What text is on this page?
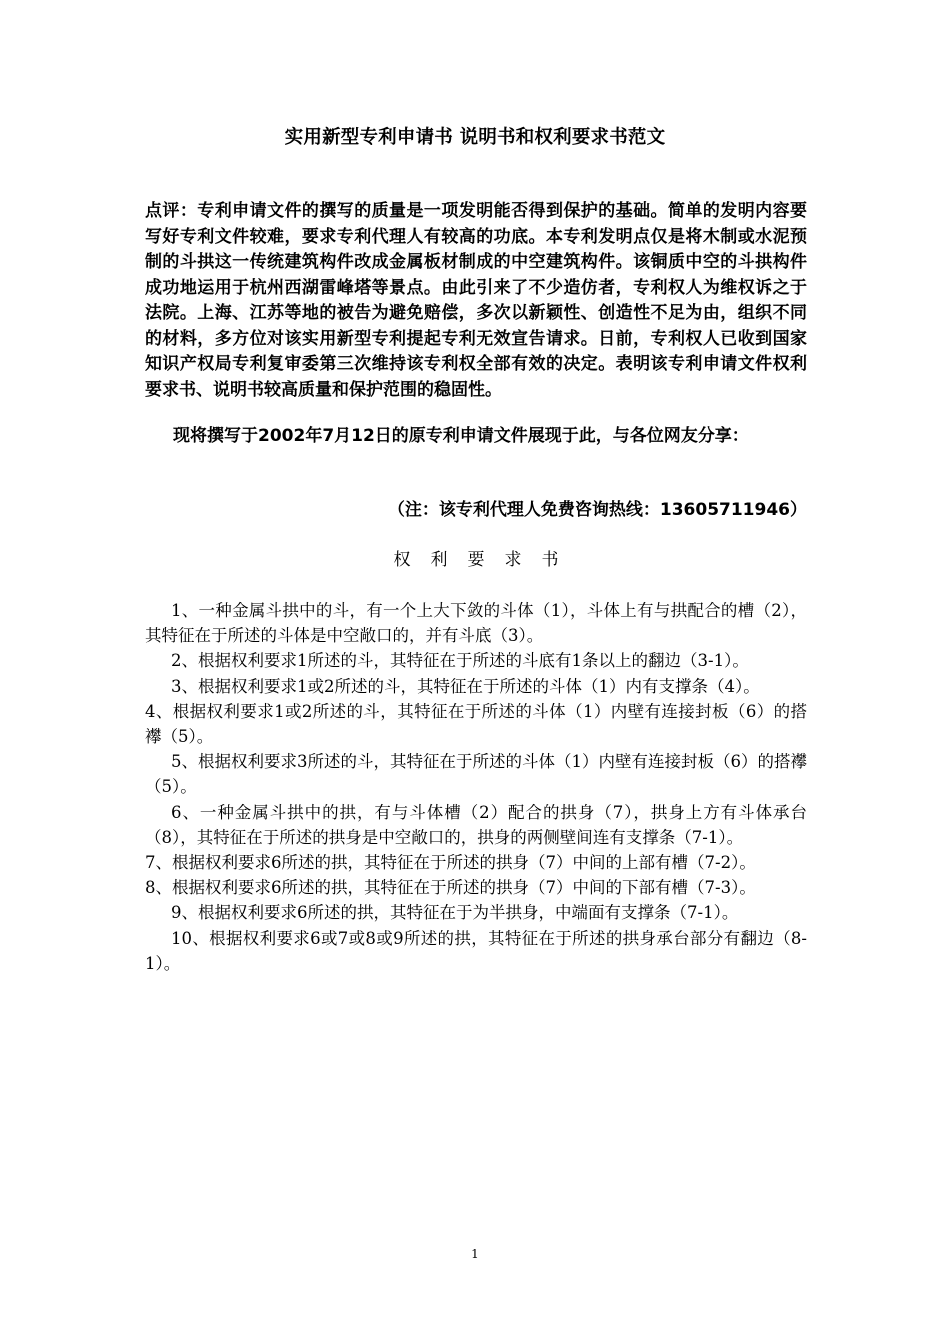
实用新型专利申请书 说明书和权利要求书范文

点评：专利申请文件的撰写的质量是一项发明能否得到保护的基础。简单的发明内容要写好专利文件较难，要求专利代理人有较高的功底。本专利发明点仅是将木制或水泥预制的斗拱这一传统建筑构件改成金属板材制成的中空建筑构件。该铜质中空的斗拱构件成功地运用于杭州西湖雷峰塔等景点。由此引来了不少造仿者，专利权人为维权诉之于法院。上海、江苏等地的被告为避免赔偿，多次以新颖性、创造性不足为由，组织不同的材料，多方位对该实用新型专利提起专利无效宣告请求。日前，专利权人已收到国家知识产权局专利复审委第三次维持该专利权全部有效的决定。表明该专利申请文件权利要求书、说明书较高质量和保护范围的稳固性。

现将撰写于2002年7月12日的原专利申请文件展现于此，与各位网友分享：

（注：该专利代理人免费咨询热线：13605711946）

权利要求书

1、一种金属斗拱中的斗，有一个上大下敛的斗体（1），斗体上有与拱配合的槽（2），其特征在于所述的斗体是中空敞口的，并有斗底（3）。

2、根据权利要求1所述的斗，其特征在于所述的斗底有1条以上的翻边（3-1）。

3、根据权利要求1或2所述的斗，其特征在于所述的斗体（1）内有支撑条（4）。

4、根据权利要求1或2所述的斗，其特征在于所述的斗体（1）内壁有连接封板（6）的搭襻（5）。

5、根据权利要求3所述的斗，其特征在于所述的斗体（1）内壁有连接封板（6）的搭襻（5）。

6、一种金属斗拱中的拱，有与斗体槽（2）配合的拱身（7），拱身上方有斗体承台（8），其特征在于所述的拱身是中空敞口的，拱身的两侧壁间连有支撑条（7-1）。

7、根据权利要求6所述的拱，其特征在于所述的拱身（7）中间的上部有槽（7-2）。

8、根据权利要求6所述的拱，其特征在于所述的拱身（7）中间的下部有槽（7-3）。

9、根据权利要求6所述的拱，其特征在于为半拱身，中端面有支撑条（7-1）。

10、根据权利要求6或7或8或9所述的拱，其特征在于所述的拱身承台部分有翻边（8-1）。

1
